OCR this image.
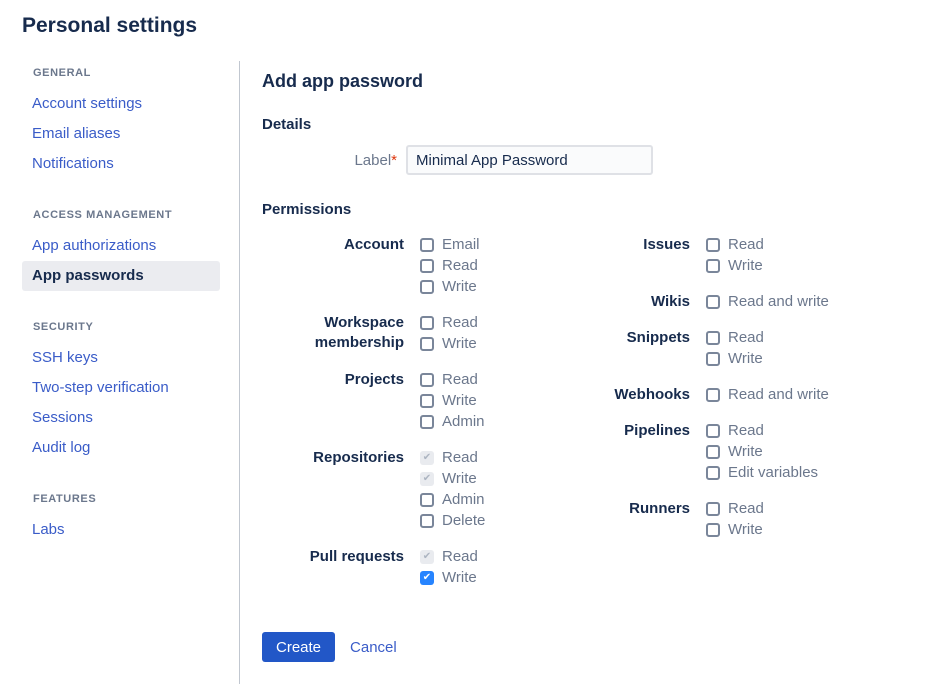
Personal settings
GENERAL
Account settings
Email aliases
Notifications
ACCESS MANAGEMENT
App authorizations
App passwords
SECURITY
SSH keys
Two-step verification
Sessions
Audit log
FEATURES
Labs
Add app password
Details
Label*
Minimal App Password
Permissions
Account	Email
Read
Write
Workspace membership
Read
Write
Projects	Read
Write
Admin
Repositories ✔ Read
✔ Write
Admin
Delete
Pull requests ✔ Read
✔ Write
Issues	Read
Write
Wikis	Read and write
Snippets	Read
Write
Webhooks	Read and write
Pipelines	Read
Write
Edit variables
Runners	Read
Write
Create	Cancel
